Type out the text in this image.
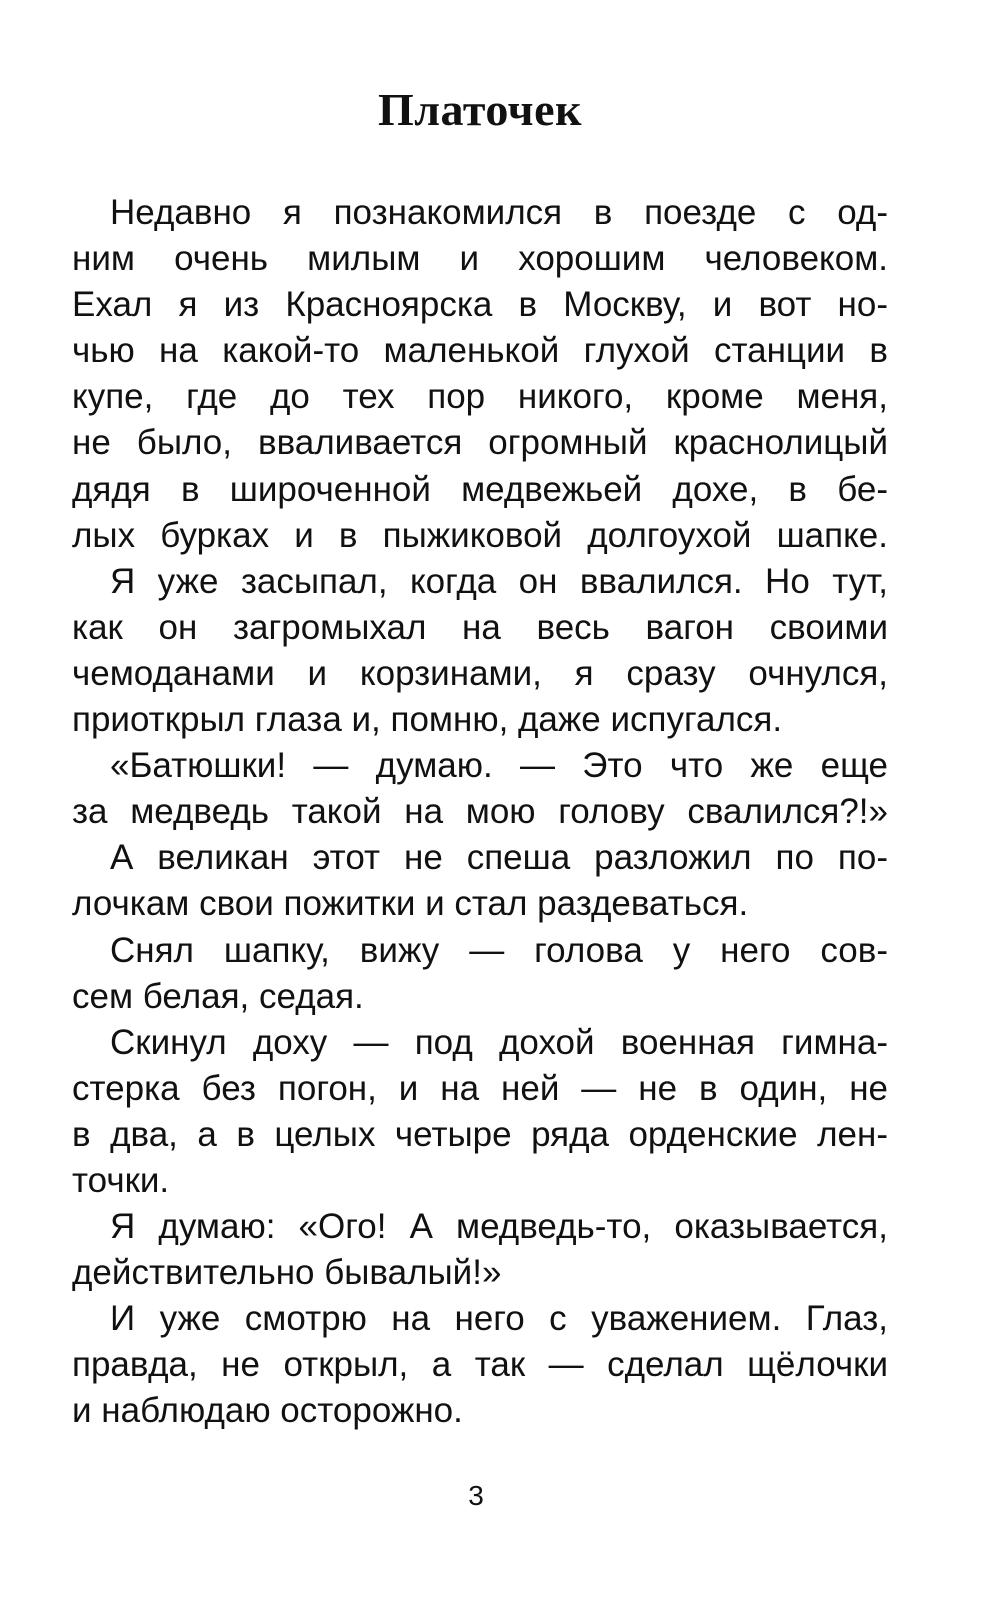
Платочек
Недавно я познакомился в поезде с од-
ним очень милым и хорошим человеком.
Ехал я из Красноярска в Москву, и вот но-
чью на какой-то маленькой глухой станции в
купе, где до тех пор никого, кроме меня,
не было, вваливается огромный краснолицый
дядя в широченной медвежьей дохе, в бе-
лых бурках и в пыжиковой долгоухой шапке.
Я уже засыпал, когда он ввалился. Но тут,
как он загромыхал на весь вагон своими
чемоданами и корзинами, я сразу очнулся,
приоткрыл глаза и, помню, даже испугался.
«Батюшки! — думаю. — Это что же еще
за медведь такой на мою голову свалился?!»
А великан этот не спеша разложил по по-
лочкам свои пожитки и стал раздеваться.
Снял шапку, вижу — голова у него сов-
сем белая, седая.
Скинул доху — под дохой военная гимна-
стерка без погон, и на ней — не в один, не
в два, а в целых четыре ряда орденские лен-
точки.
Я думаю: «Ого! А медведь-то, оказывается,
действительно бывалый!»
И уже смотрю на него с уважением. Глаз,
правда, не открыл, а так — сделал щёлочки
и наблюдаю осторожно.
3
